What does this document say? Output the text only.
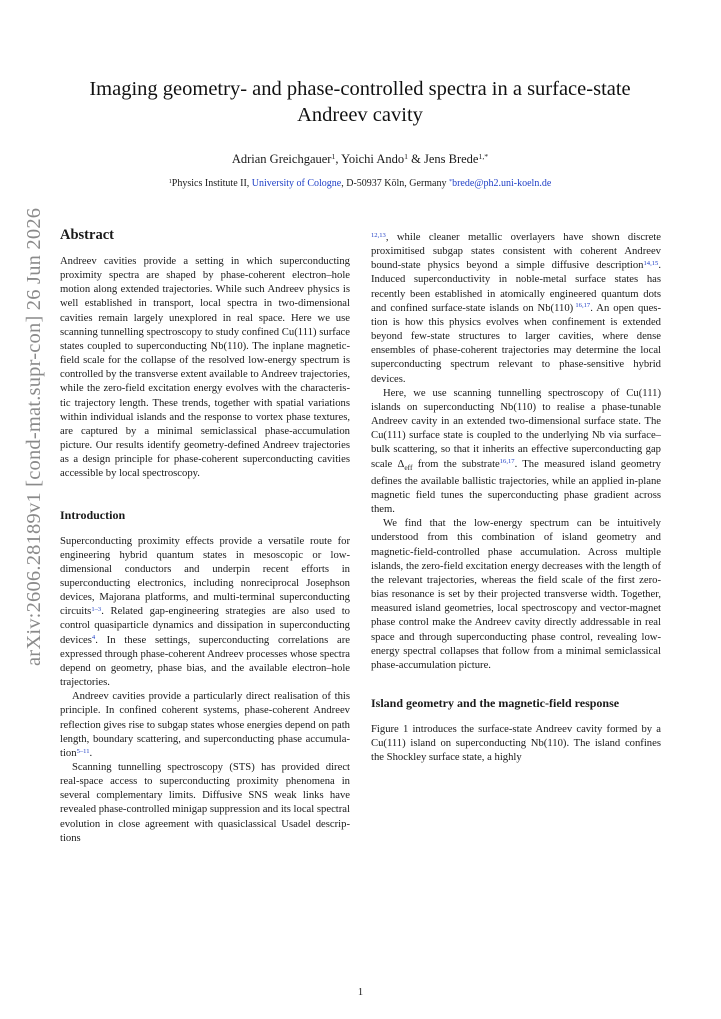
arXiv:2606.28189v1 [cond-mat.supr-con] 26 Jun 2026
Imaging geometry- and phase-controlled spectra in a surface-state
Andreev cavity
Adrian Greichgauer$^1$, Yoichi Ando$^1$ & Jens Brede$^{1,*}$
$^1$Physics Institute II, University of Cologne, D-50937 Köln, Germany *brede@ph2.uni-koeln.de
Abstract

Andreev cavities provide a setting in which superconducting proximity spectra are shaped by phase-coherent electron–hole motion along extended trajectories. While such Andreev physics is well established in transport, local spectra in two-dimensional cavities remain largely unexplored in real space. Here we use scanning tunnelling spectroscopy to study confined Cu(111) surface states coupled to superconducting Nb(110). The inplane magnetic-field scale for the collapse of the resolved low-energy spectrum is controlled by the transverse extent available to Andreev trajectories, while the zero-field excitation energy evolves with the characteristic trajectory length. These trends, together with spatial variations within individual islands and the response to vortex phase textures, are captured by a minimal semiclassical phase-accumulation picture. Our results identify geometry-defined Andreev trajectories as a design principle for phase-coherent superconducting cavities accessible by local spectroscopy.

Introduction

Superconducting proximity effects provide a versatile route for engineering hybrid quantum states in mesoscopic or low-dimensional conductors and underpin recent efforts in superconducting electronics, including nonreciprocal Josephson devices, Majorana platforms, and multi-terminal superconducting circuits$^{1-3}$. Related gap-engineering strategies are also used to control quasiparticle dynamics and dissipation in superconducting devices$^4$. In these settings, superconducting correlations are expressed through phase-coherent Andreev processes whose spectra depend on geometry, phase bias, and the available electron–hole trajectories.

Andreev cavities provide a particularly direct realisation of this principle. In confined coherent systems, phase-coherent Andreev reflection gives rise to subgap states whose energies depend on path length, boundary scattering, and superconducting phase accumulation$^{5-11}$.

Scanning tunnelling spectroscopy (STS) has provided direct real-space access to superconducting proximity phenomena in several complementary limits. Diffusive SNS weak links have revealed phase-controlled minigap suppression and its local spectral evolution in close agreement with quasiclassical Usadel descriptions

$^{12,13}$, while cleaner metallic overlayers have shown discrete proximitised subgap states consistent with coherent Andreev bound-state physics beyond a simple diffusive description$^{14,15}$. Induced superconductivity in noble-metal surface states has recently been established in atomically engineered quantum dots and confined surface-state islands on Nb(110)  $^{16,17}$. An open question is how this physics evolves when confinement is extended beyond few-state structures to larger cavities, where dense ensembles of phase-coherent trajectories may determine the local superconducting spectrum relevant to phase-sensitive hybrid devices.

Here, we use scanning tunnelling spectroscopy of Cu(111) islands on superconducting Nb(110) to realise a phase-tunable Andreev cavity in an extended two-dimensional surface state. The Cu(111) surface state is coupled to the underlying Nb via surface–bulk scattering, so that it inherits an effective superconducting gap scale $\Delta_{eff}$ from the substrate$^{16,17}$. The measured island geometry defines the available ballistic trajectories, while an applied in-plane magnetic field tunes the superconducting phase gradient across them.

We find that the low-energy spectrum can be intuitively understood from this combination of island geometry and magnetic-field-controlled phase accumulation. Across multiple islands, the zero-field excitation energy decreases with the length of the relevant trajectories, whereas the field scale of the first zero-bias resonance is set by their projected transverse width. Together, measured island geometries, local spectroscopy and vector-magnet phase control make the Andreev cavity directly addressable in real space and through superconducting phase control, revealing low-energy spectral collapses that follow from a minimal semiclassical phase-accumulation picture.

Island geometry and the magnetic-field response

Figure 1 introduces the surface-state Andreev cavity formed by a Cu(111) island on superconducting Nb(110). The island confines the Shockley surface state, a highly

1
